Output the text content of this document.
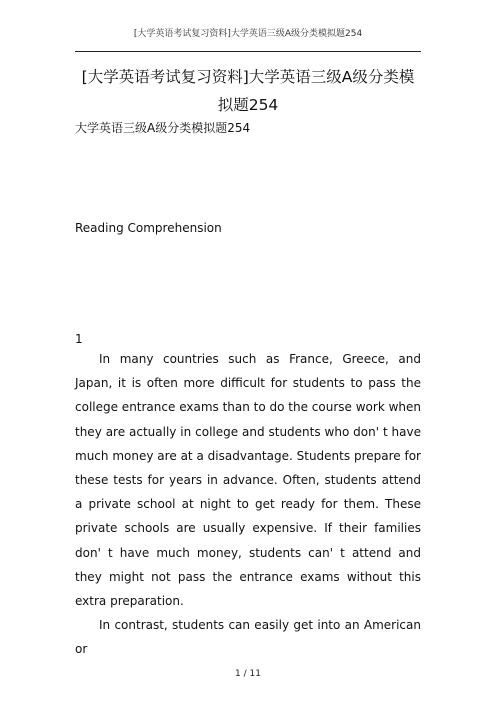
[大学英语考试复习资料]大学英语三级A级分类模拟题254
[大学英语考试复习资料]大学英语三级A级分类模拟题254
大学英语三级A级分类模拟题254
Reading Comprehension
1

In many countries such as France, Greece, and Japan, it is often more difficult for students to pass the college entrance exams than to do the course work when they are actually in college and students who don' t have much money are at a disadvantage. Students prepare for these tests for years in advance. Often, students attend a private school at night to get ready for them. These private schools are usually expensive. If their families don' t have much money, students can' t attend and they might not pass the entrance exams without this extra preparation.

In contrast, students can easily get into an American or

1 / 11
